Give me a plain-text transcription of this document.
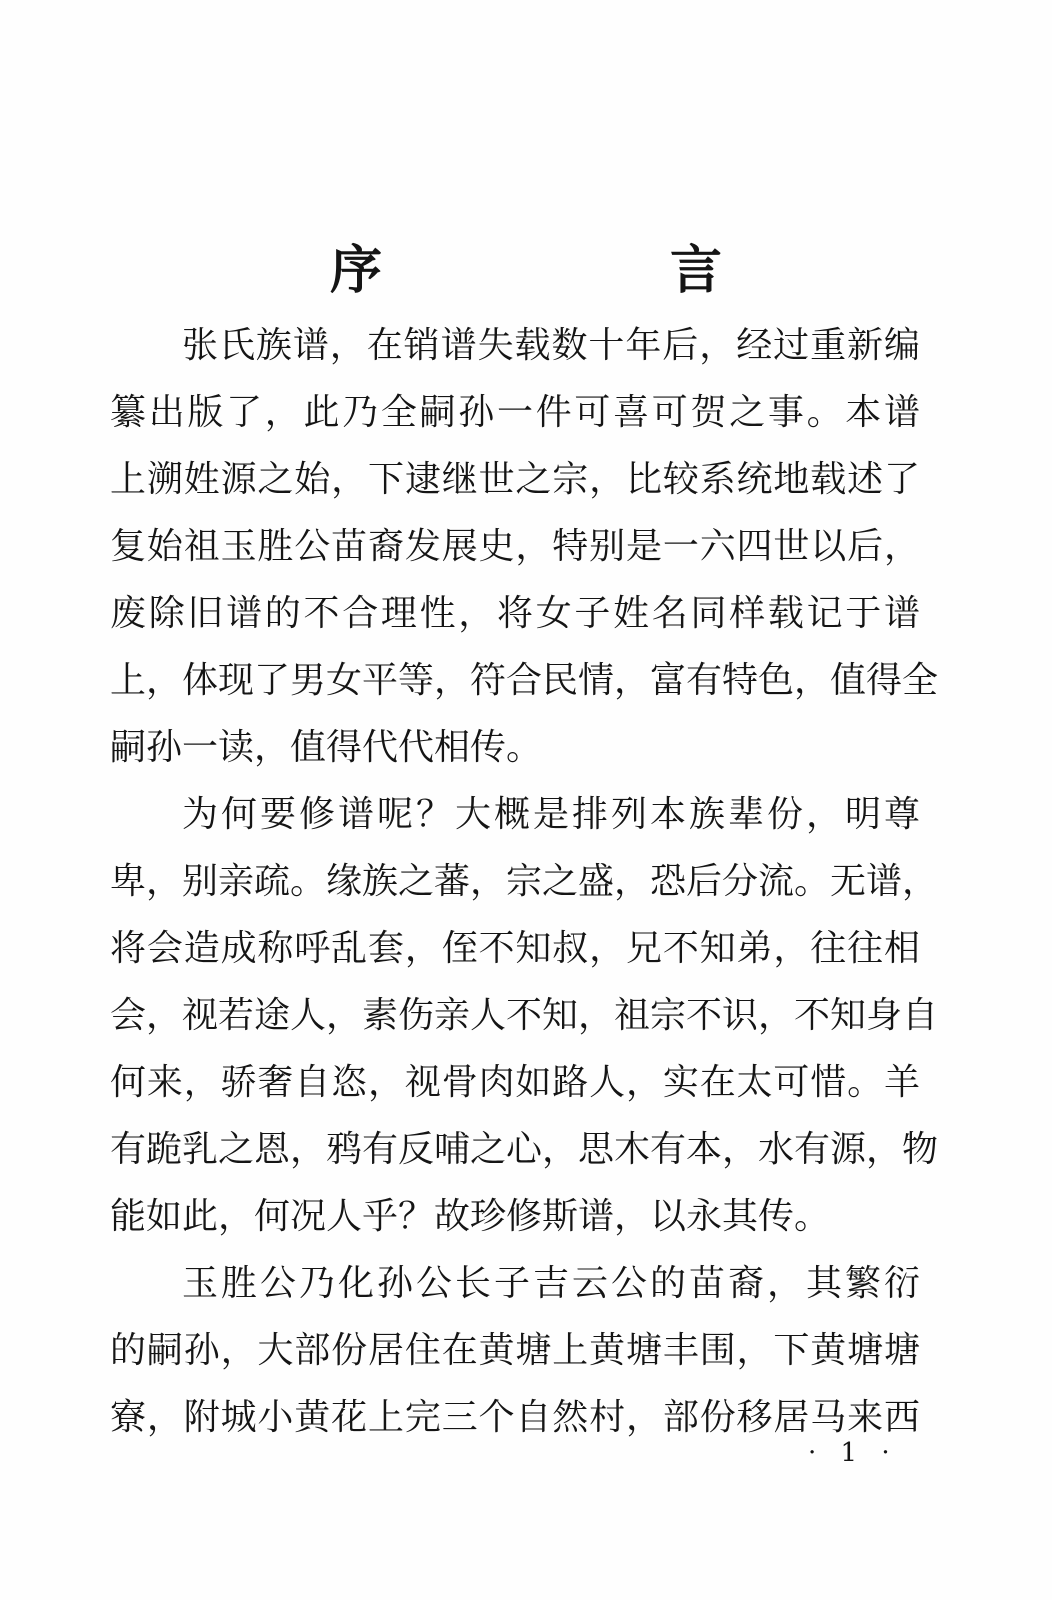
序　言

张氏族谱，在销谱失载数十年后，经过重新编
纂出版了，此乃全嗣孙一件可喜可贺之事。本谱
上溯姓源之始，下逮继世之宗，比较系统地载述了
复始祖玉胜公苗裔发展史，特别是一六四世以后，
废除旧谱的不合理性，将女子姓名同样载记于谱
上，体现了男女平等，符合民情，富有特色，值得全
嗣孙一读，值得代代相传。

为何要修谱呢？大概是排列本族辈份，明尊
卑，别亲疏。缘族之蕃，宗之盛，恐后分流。无谱，
将会造成称呼乱套，侄不知叔，兄不知弟，往往相
会，视若途人，素伤亲人不知，祖宗不识，不知身自
何来，骄奢自恣，视骨肉如路人，实在太可惜。羊
有跪乳之恩，鸦有反哺之心，思木有本，水有源，物
能如此，何况人乎？故珍修斯谱，以永其传。

玉胜公乃化孙公长子吉云公的苗裔，其繁衍
的嗣孙，大部份居住在黄塘上黄塘丰围，下黄塘塘
寮，附城小黄花上完三个自然村，部份移居马来西

· 1 ·
